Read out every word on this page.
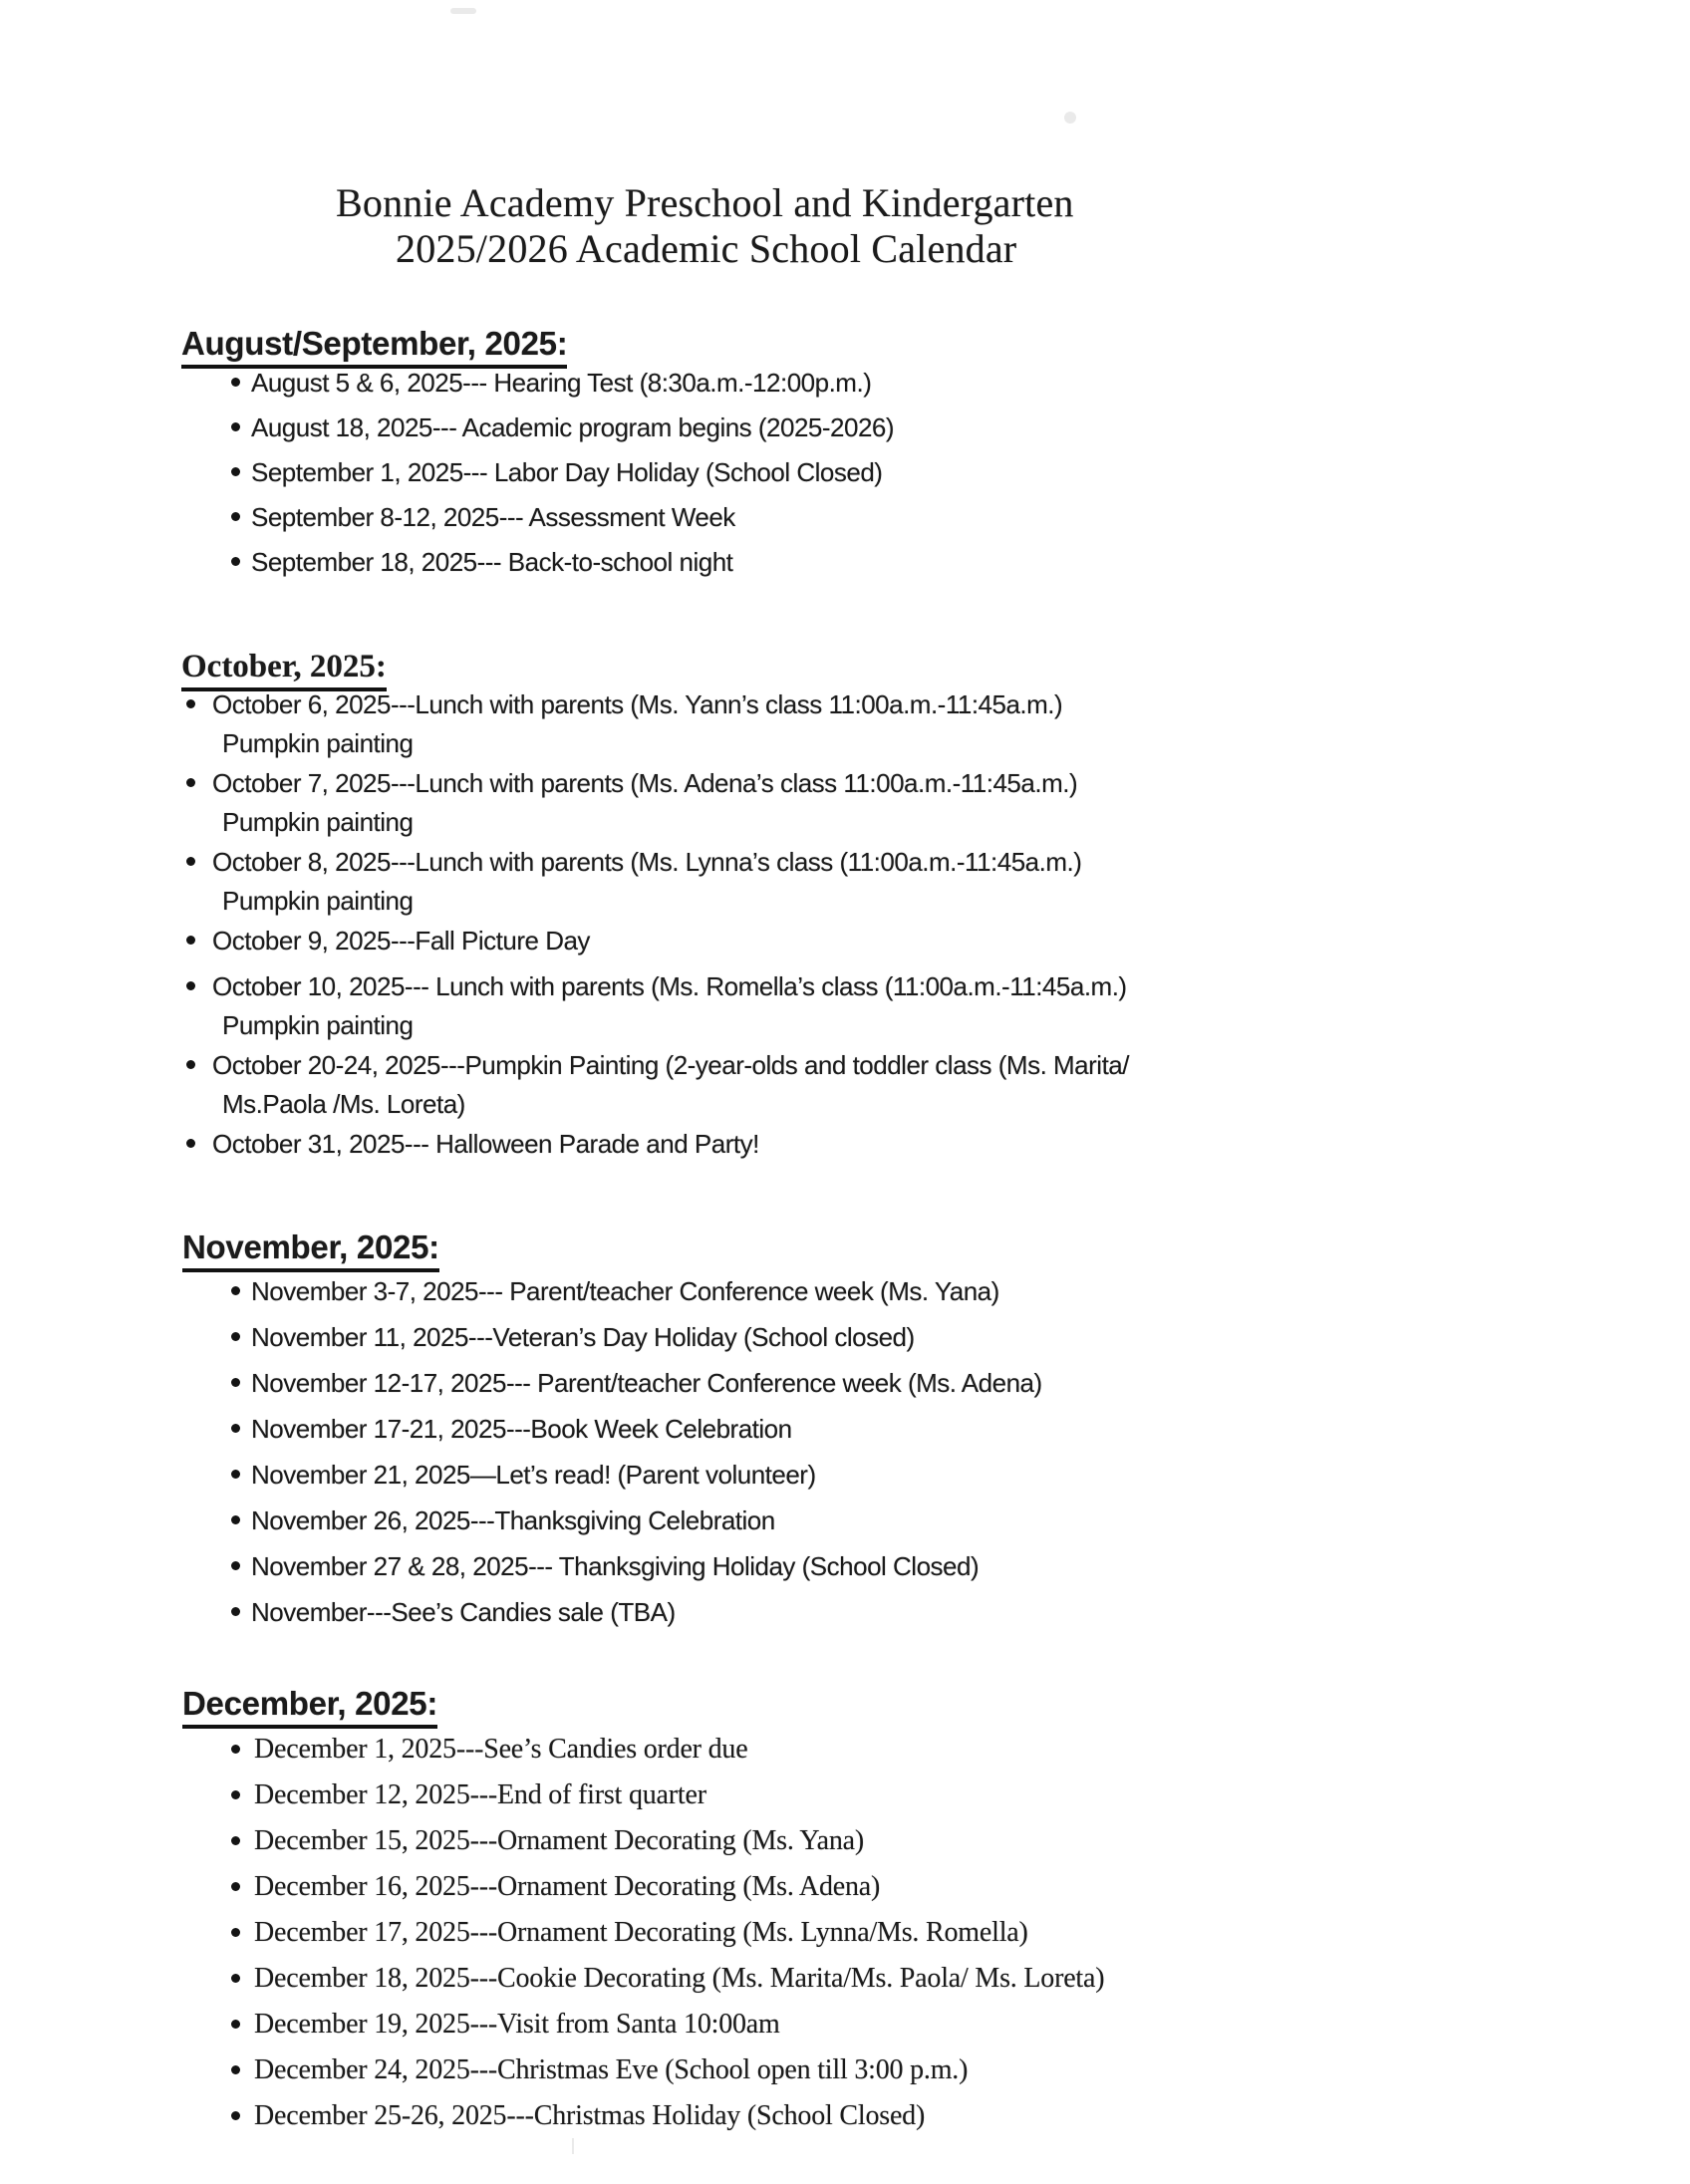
Bonnie Academy Preschool and Kindergarten
2025/2026 Academic School Calendar
August/September, 2025:
August 5 & 6, 2025--- Hearing Test (8:30a.m.-12:00p.m.)
August 18, 2025--- Academic program begins (2025-2026)
September 1, 2025--- Labor Day Holiday (School Closed)
September 8-12, 2025--- Assessment Week
September 18, 2025--- Back-to-school night
October, 2025:
October 6, 2025---Lunch with parents (Ms. Yann’s class 11:00a.m.-11:45a.m.)
Pumpkin painting
October 7, 2025---Lunch with parents (Ms. Adena’s class 11:00a.m.-11:45a.m.)
Pumpkin painting
October 8, 2025---Lunch with parents (Ms. Lynna’s class (11:00a.m.-11:45a.m.)
Pumpkin painting
October 9, 2025---Fall Picture Day
October 10, 2025--- Lunch with parents (Ms. Romella’s class (11:00a.m.-11:45a.m.)
Pumpkin painting
October 20-24, 2025---Pumpkin Painting (2-year-olds and toddler class (Ms. Marita/
Ms.Paola /Ms. Loreta)
October 31, 2025--- Halloween Parade and Party!
November, 2025:
November 3-7, 2025--- Parent/teacher Conference week (Ms. Yana)
November 11, 2025---Veteran’s Day Holiday (School closed)
November 12-17, 2025--- Parent/teacher Conference week (Ms. Adena)
November 17-21, 2025---Book Week Celebration
November 21, 2025—Let’s read! (Parent volunteer)
November 26, 2025---Thanksgiving Celebration
November 27 & 28, 2025--- Thanksgiving Holiday (School Closed)
November---See’s Candies sale (TBA)
December, 2025:
December 1, 2025---See’s Candies order due
December 12, 2025---End of first quarter
December 15, 2025---Ornament Decorating (Ms. Yana)
December 16, 2025---Ornament Decorating (Ms. Adena)
December 17, 2025---Ornament Decorating (Ms. Lynna/Ms. Romella)
December 18, 2025---Cookie Decorating (Ms. Marita/Ms. Paola/ Ms. Loreta)
December 19, 2025---Visit from Santa 10:00am
December 24, 2025---Christmas Eve (School open till 3:00 p.m.)
December 25-26, 2025---Christmas Holiday (School Closed)
